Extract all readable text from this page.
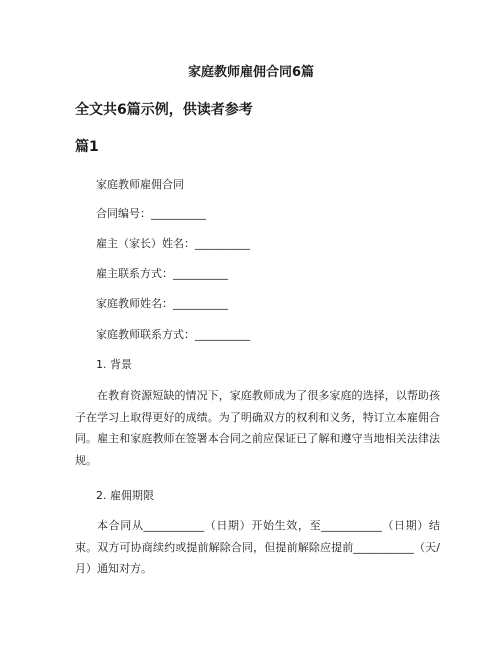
家庭教师雇佣合同6篇
全文共6篇示例，供读者参考
篇1
家庭教师雇佣合同
合同编号：__________
雇主（家长）姓名：__________
雇主联系方式：__________
家庭教师姓名：__________
家庭教师联系方式：__________
1. 背景
在教育资源短缺的情况下，家庭教师成为了很多家庭的选择，以帮助孩子在学习上取得更好的成绩。为了明确双方的权利和义务，特订立本雇佣合同。雇主和家庭教师在签署本合同之前应保证已了解和遵守当地相关法律法规。
2. 雇佣期限
本合同从___________（日期）开始生效，至___________（日期）结束。双方可协商续约或提前解除合同，但提前解除应提前___________（天/月）通知对方。
